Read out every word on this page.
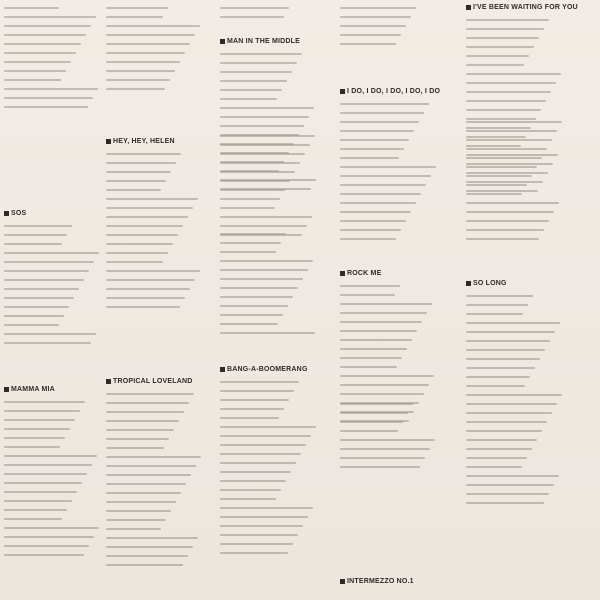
SOS
MAMMA MIA
HEY, HEY, HELEN
TROPICAL LOVELAND
MAN IN THE MIDDLE
BANG-A-BOOMERANG
I DO, I DO, I DO, I DO, I DO
ROCK ME
INTERMEZZO NO.1
I'VE BEEN WAITING FOR YOU
SO LONG
